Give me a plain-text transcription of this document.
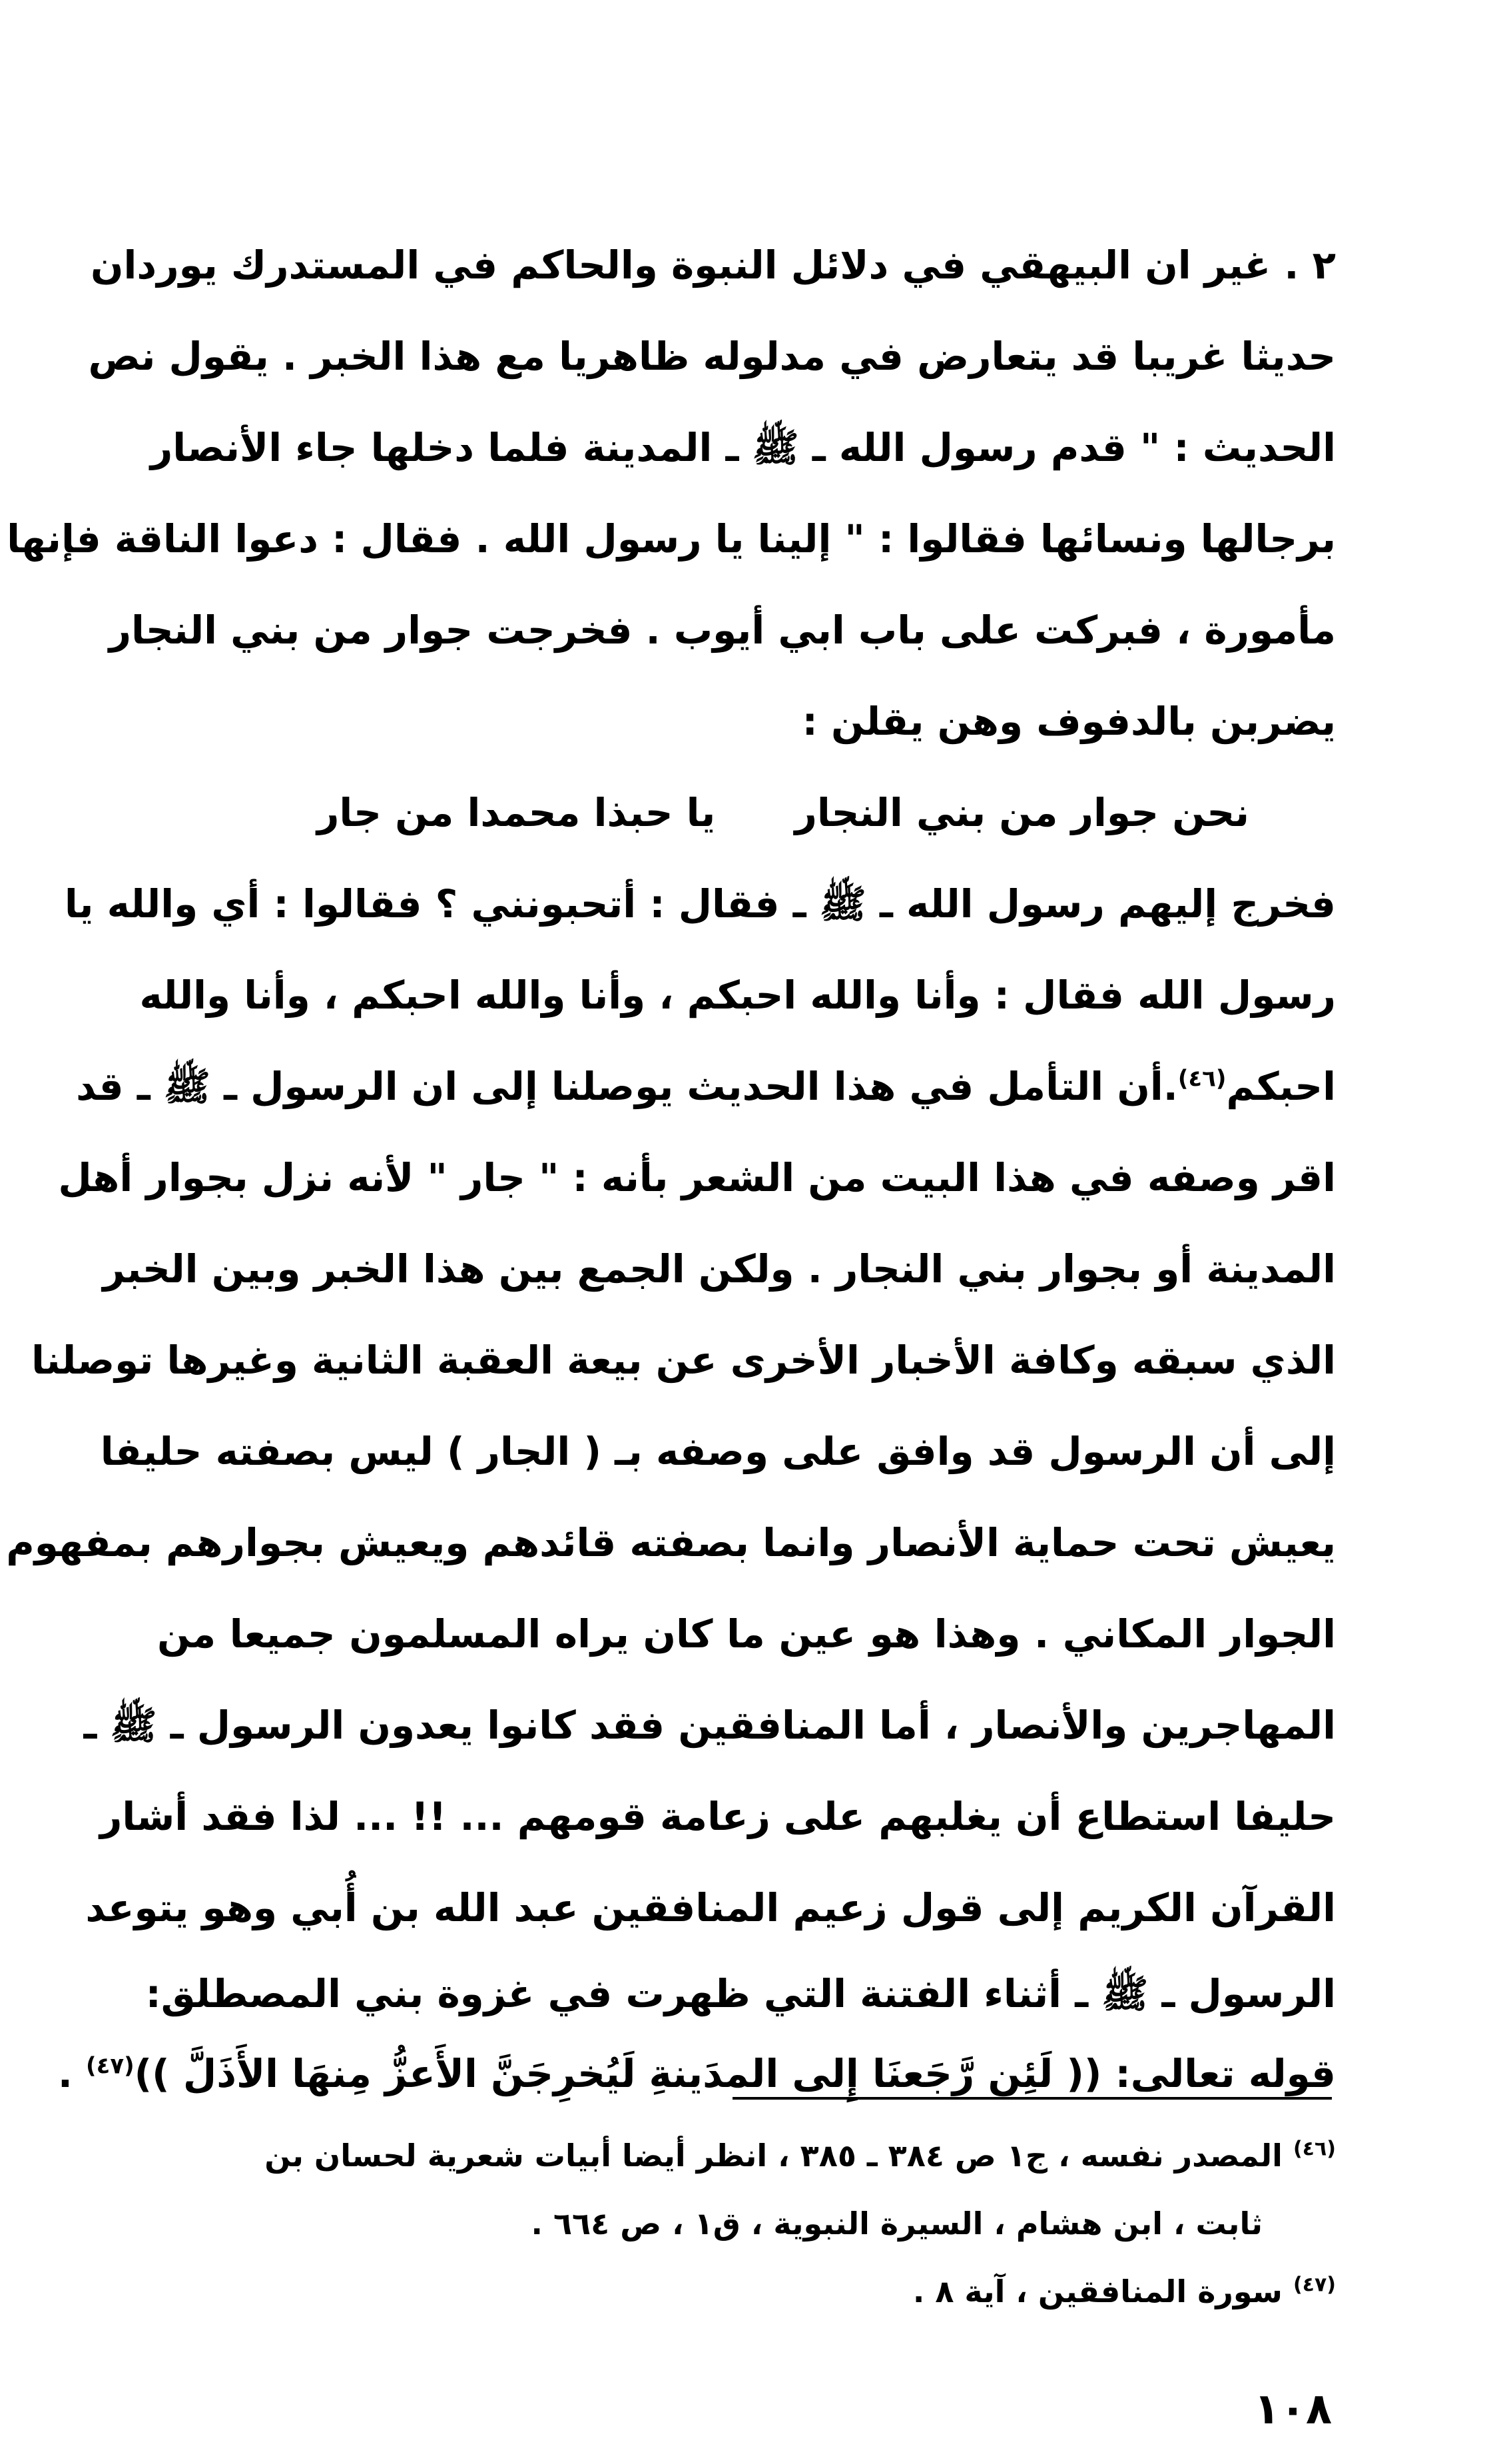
٢ . غير ان البيهقي في دلائل النبوة والحاكم في المستدرك يوردان
حديثا غريبا قد يتعارض في مدلوله ظاهريا مع هذا الخبر . يقول نص
الحديث : " قدم رسول الله ـ ﷺ ـ المدينة فلما دخلها جاء الأنصار
برجالها ونسائها فقالوا : " إلينا يا رسول الله . فقال : دعوا الناقة فإنها
مأمورة ، فبركت على باب ابي أيوب . فخرجت جوار من بني النجار
يضربن بالدفوف وهن يقلن :
نحن جوار من بني النجار
يا حبذا محمدا من جار
فخرج إليهم رسول الله ـ ﷺ ـ فقال : أتحبونني ؟ فقالوا : أي والله يا
رسول الله فقال : وأنا والله احبكم ، وأنا والله احبكم ، وأنا والله
احبكم$^{(٤٦)}$.أن التأمل في هذا الحديث يوصلنا إلى ان الرسول ـ ﷺ ـ قد
اقر وصفه في هذا البيت من الشعر بأنه : " جار " لأنه نزل بجوار أهل
المدينة أو بجوار بني النجار . ولكن الجمع بين هذا الخبر وبين الخبر
الذي سبقه وكافة الأخبار الأخرى عن بيعة العقبة الثانية وغيرها توصلنا
إلى أن الرسول قد وافق على وصفه بـ ( الجار ) ليس بصفته حليفا
يعيش تحت حماية الأنصار وانما بصفته قائدهم ويعيش بجوارهم بمفهوم
الجوار المكاني . وهذا هو عين ما كان يراه المسلمون جميعا من
المهاجرين والأنصار ، أما المنافقين فقد كانوا يعدون الرسول ـ ﷺ ـ
حليفا استطاع أن يغلبهم على زعامة قومهم ... !! ... لذا فقد أشار
القرآن الكريم إلى قول زعيم المنافقين عبد الله بن أُبي وهو يتوعد
الرسول ـ ﷺ ـ أثناء الفتنة التي ظهرت في غزوة بني المصطلق:
قوله تعالى: (( لَئِن رَّجَعنَا إِلى المدَينةِ لَيُخرِجَنَّ الأَعزُّ مِنهَا الأَذَلَّ ))$^{(٤٧)}$ .
$^{(٤٦)}$ المصدر نفسه ، ج١ ص ٣٨٤ ـ ٣٨٥ ، انظر أيضا أبيات شعرية لحسان بن
ثابت ، ابن هشام ، السيرة النبوية ، ق١ ، ص ٦٦٤ .
$^{(٤٧)}$ سورة المنافقين ، آية ٨ .
١٠٨
